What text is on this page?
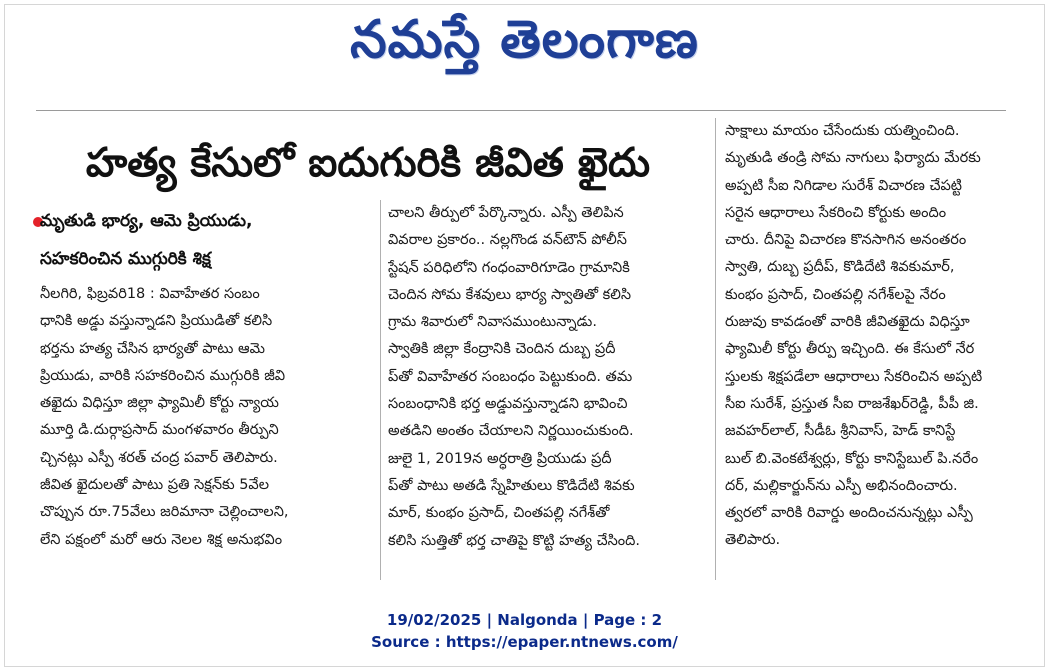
నమస్తే తెలంగాణ
హత్య కేసులో ఐదుగురికి జీవిత ఖైదు
మృతుడి భార్య, ఆమె ప్రియుడు,
సహకరించిన ముగ్గురికి శిక్ష
నీలగిరి, ఫిబ్రవరి18 : వివాహేతర సంబం
ధానికి అడ్డు వస్తున్నాడని ప్రియుడితో కలిసి
భర్తను హత్య చేసిన భార్యతో పాటు ఆమె
ప్రియుడు, వారికి సహకరించిన ముగ్గురికి జీవి
తఖైదు విధిస్తూ జిల్లా ఫ్యామిలీ కోర్టు న్యాయ
మూర్తి డి.దుర్గాప్రసాద్ మంగళవారం తీర్పుని
చ్చినట్లు ఎస్పీ శరత్ చంద్ర పవార్ తెలిపారు.
జీవిత ఖైదులతో పాటు ప్రతి సెక్షన్‌కు 5వేల
చొప్పున రూ.75వేలు జరిమానా చెల్లించాలని,
లేని పక్షంలో మరో ఆరు నెలల శిక్ష అనుభవిం
చాలని తీర్పులో పేర్కొన్నారు. ఎస్పీ తెలిపిన
వివరాల ప్రకారం.. నల్లగొండ వన్‌టౌన్ పోలీస్
స్టేషన్ పరిధిలోని గంధంవారిగూడెం గ్రామానికి
చెందిన సోమ కేశవులు భార్య స్వాతితో కలిసి
గ్రామ శివారులో నివాసముంటున్నాడు.
స్వాతికి జిల్లా కేంద్రానికి చెందిన దుబ్బ ప్రదీ
ప్‌తో వివాహేతర సంబంధం పెట్టుకుంది. తమ
సంబంధానికి భర్త అడ్డువస్తున్నాడని భావించి
అతడిని అంతం చేయాలని నిర్ణయించుకుంది.
జులై 1, 2019న అర్ధరాత్రి ప్రియుడు ప్రదీ
ప్‌తో పాటు అతడి స్నేహితులు కొడిదేటి శివకు
మార్, కుంభం ప్రసాద్, చింతపల్లి నగేశ్‌తో
కలిసి సుత్తితో భర్త చాతిపై కొట్టి హత్య చేసింది.
సాక్షాలు మాయం చేసేందుకు యత్నించింది.
మృతుడి తండ్రి సోమ నాగులు ఫిర్యాదు మేరకు
అప్పటి సీఐ నిగిడాల సురేశ్ విచారణ చేపట్టి
సరైన ఆధారాలు సేకరించి కోర్టుకు అందిం
చారు. దీనిపై విచారణ కొనసాగిన అనంతరం
స్వాతి, దుబ్బ ప్రదీప్, కొడిదేటి శివకుమార్,
కుంభం ప్రసాద్, చింతపల్లి నగేశ్‌లపై నేరం
రుజువు కావడంతో వారికి జీవితఖైదు విధిస్తూ
ఫ్యామిలీ కోర్టు తీర్పు ఇచ్చింది. ఈ కేసులో నేర
స్తులకు శిక్షపడేలా ఆధారాలు సేకరించిన అప్పటి
సీఐ సురేశ్, ప్రస్తుత సీఐ రాజశేఖర్‌రెడ్డి, పీపీ జి.
జవహర్‌లాల్, సీడీఓ శ్రీనివాస్, హెడ్ కానిస్టే
బుల్ బి.వెంకటేశ్వర్లు, కోర్టు కానిస్టేబుల్ పి.నరేం
దర్, మల్లికార్జున్‌ను ఎస్పీ అభినందించారు.
త్వరలో వారికి రివార్డు అందించనున్నట్లు ఎస్పీ
తెలిపారు.
19/02/2025 | Nalgonda | Page : 2
Source : https://epaper.ntnews.com/
